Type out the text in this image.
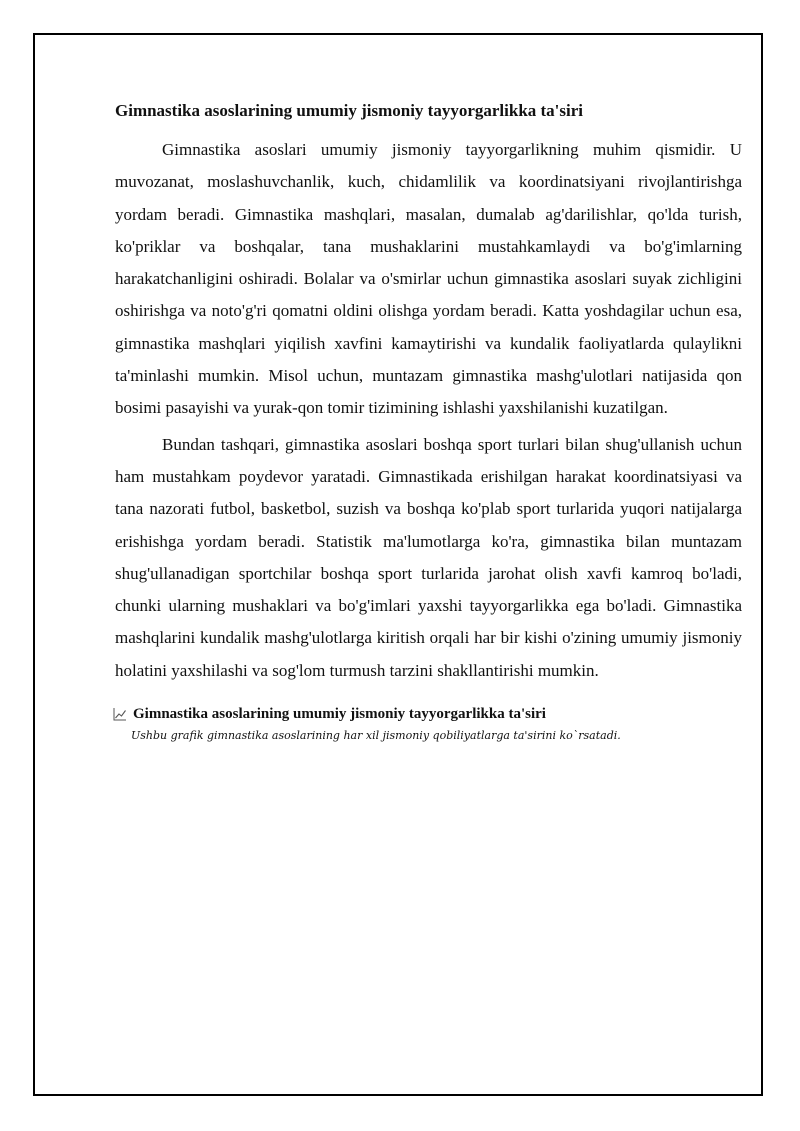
Gimnastika asoslarining umumiy jismoniy tayyorgarlikka ta'siri

Gimnastika asoslari umumiy jismoniy tayyorgarlikning muhim qismidir. U muvozanat, moslashuvchanlik, kuch, chidamlilik va koordinatsiyani rivojlantirishga yordam beradi. Gimnastika mashqlari, masalan, dumalab ag'darilishlar, qo'lda turish, ko'priklar va boshqalar, tana mushaklarini mustahkamlaydi va bo'g'imlarning harakatchanligini oshiradi. Bolalar va o'smirlar uchun gimnastika asoslari suyak zichligini oshirishga va noto'g'ri qomatni oldini olishga yordam beradi. Katta yoshdagilar uchun esa, gimnastika mashqlari yiqilish xavfini kamaytirishi va kundalik faoliyatlarda qulaylikni ta'minlashi mumkin. Misol uchun, muntazam gimnastika mashg'ulotlari natijasida qon bosimi pasayishi va yurak-qon tomir tizimining ishlashi yaxshilanishi kuzatilgan.

Bundan tashqari, gimnastika asoslari boshqa sport turlari bilan shug'ullanish uchun ham mustahkam poydevor yaratadi. Gimnastikada erishilgan harakat koordinatsiyasi va tana nazorati futbol, basketbol, suzish va boshqa ko'plab sport turlarida yuqori natijalarga erishishga yordam beradi. Statistik ma'lumotlarga ko'ra, gimnastika bilan muntazam shug'ullanadigan sportchilar boshqa sport turlarida jarohat olish xavfi kamroq bo'ladi, chunki ularning mushaklari va bo'g'imlari yaxshi tayyorgarlikka ega bo'ladi. Gimnastika mashqlarini kundalik mashg'ulotlarga kiritish orqali har bir kishi o'zining umumiy jismoniy holatini yaxshilashi va sog'lom turmush tarzini shakllantirishi mumkin.

Gimnastika asoslarining umumiy jismoniy tayyorgarlikka ta'siri
Ushbu grafik gimnastika asoslarining har xil jismoniy qobiliyatlarga ta'sirini ko`rsatadi.
